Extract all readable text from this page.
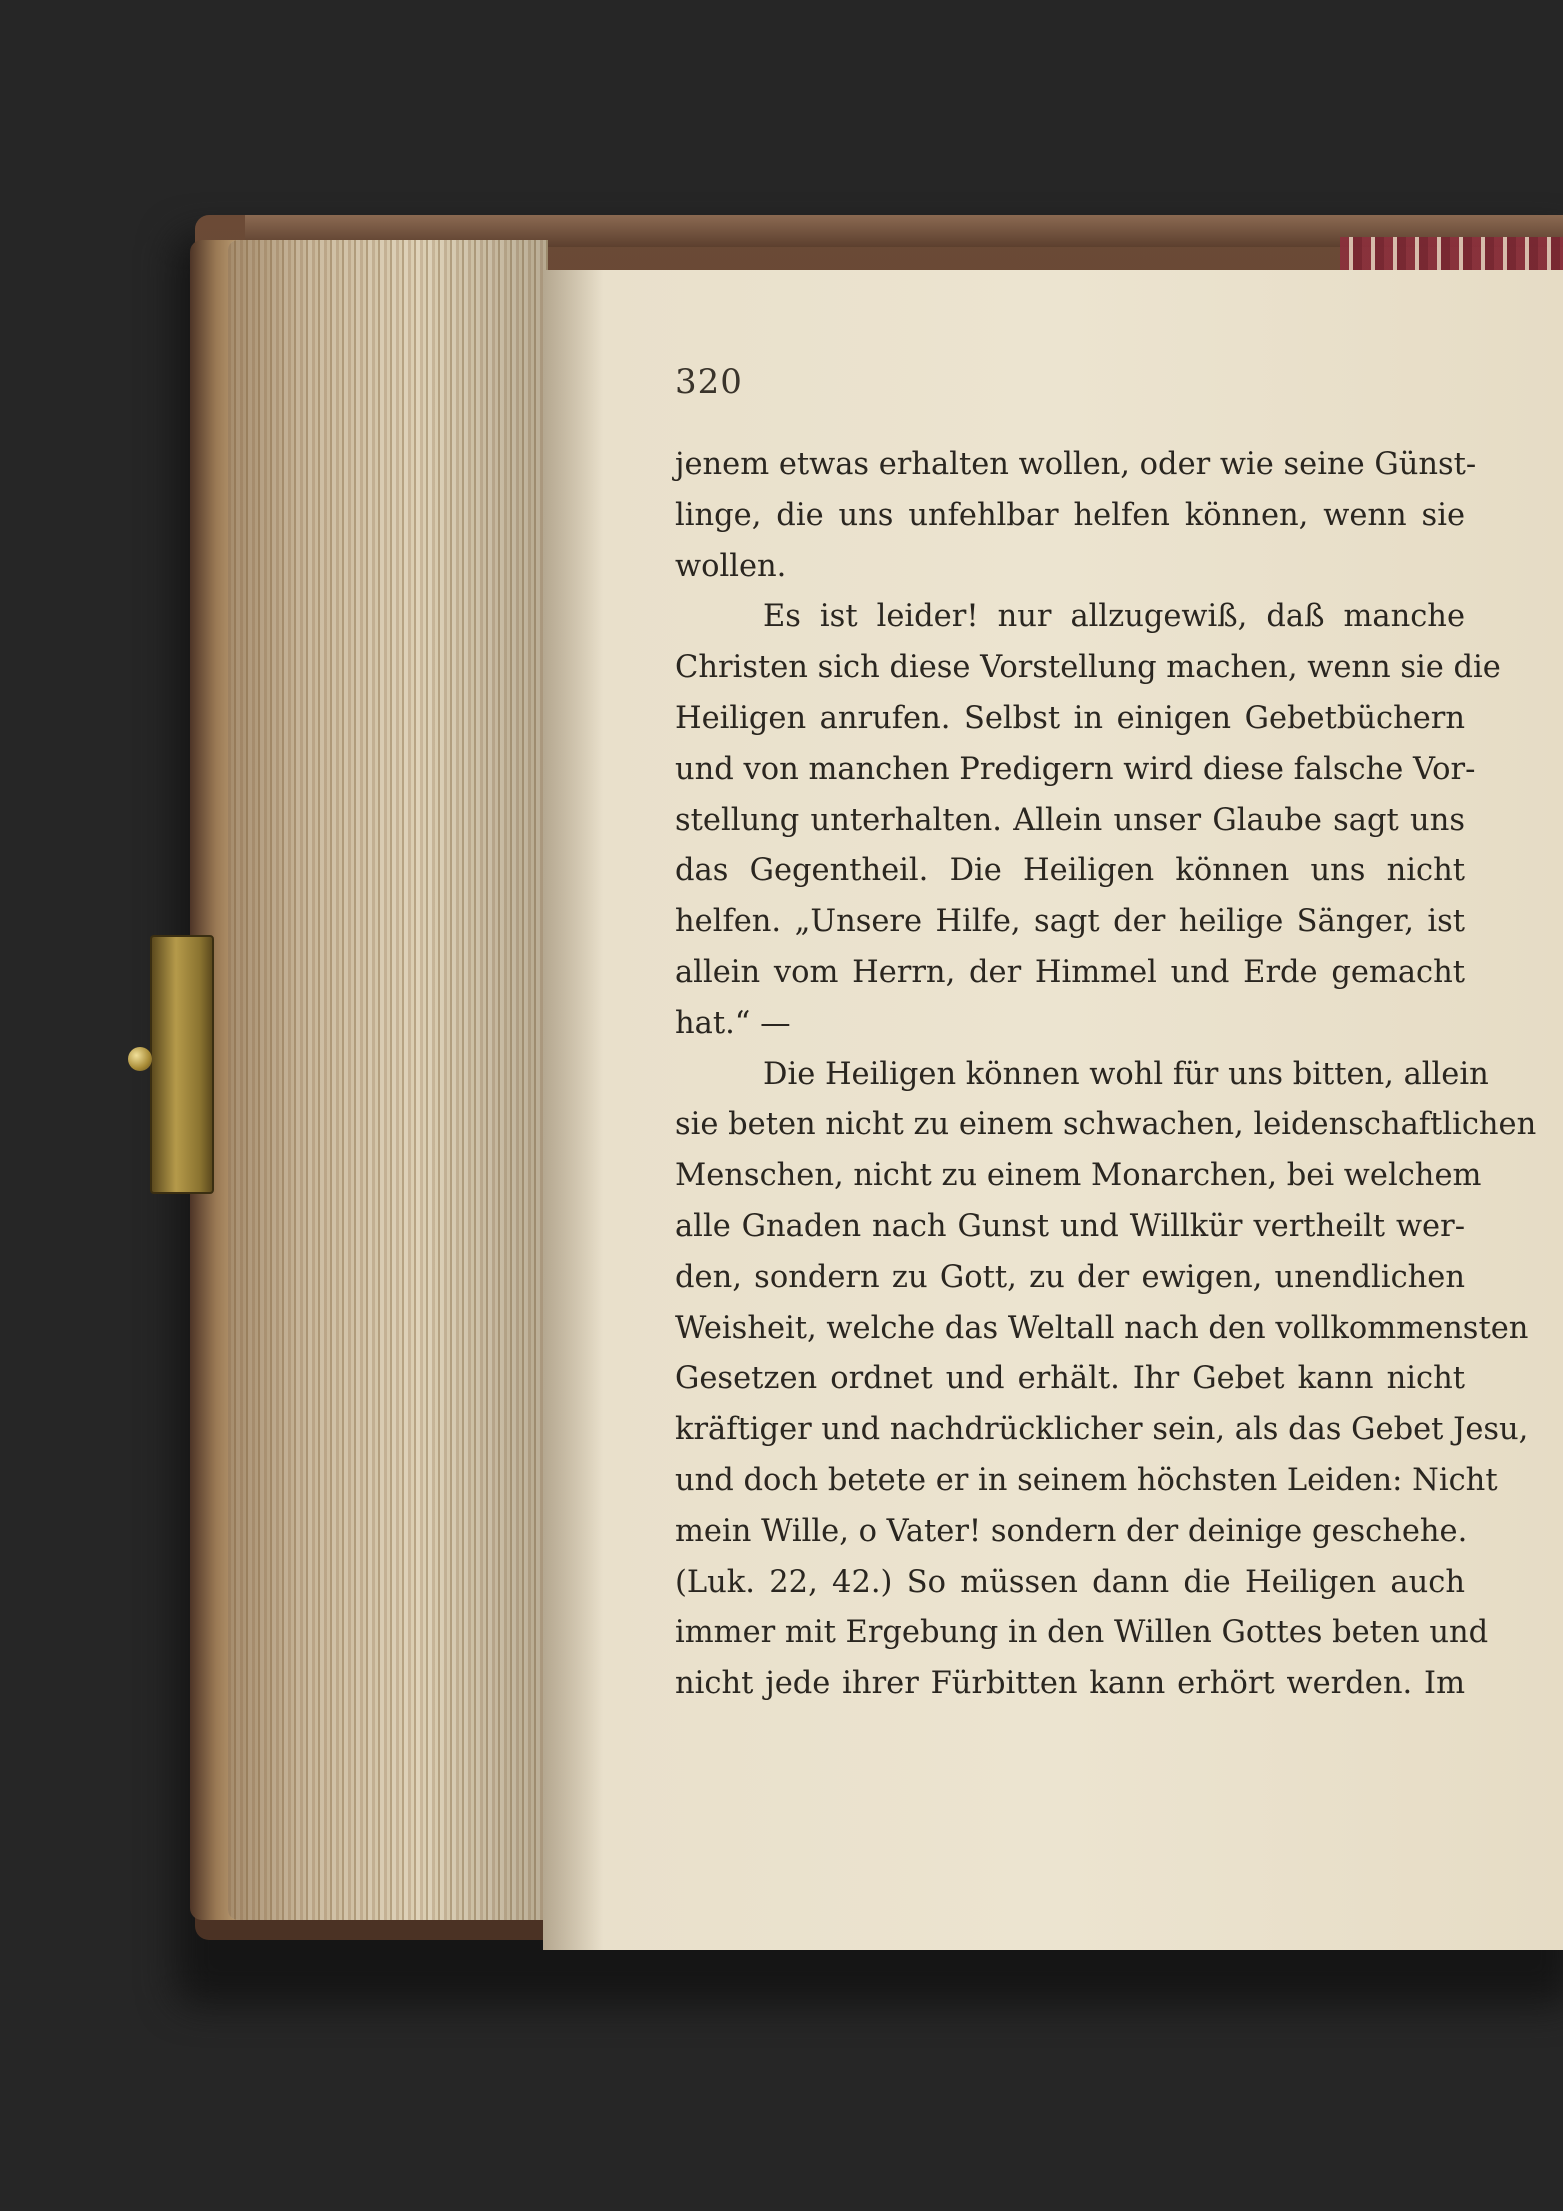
320
jenem etwas erhalten wollen, oder wie seine Günst-
linge, die uns unfehlbar helfen können, wenn sie
wollen.
Es ist leider! nur allzugewiß, daß manche
Christen sich diese Vorstellung machen, wenn sie die
Heiligen anrufen. Selbst in einigen Gebetbüchern
und von manchen Predigern wird diese falsche Vor-
stellung unterhalten. Allein unser Glaube sagt uns
das Gegentheil. Die Heiligen können uns nicht
helfen. „Unsere Hilfe, sagt der heilige Sänger, ist
allein vom Herrn, der Himmel und Erde gemacht
hat.“ —
Die Heiligen können wohl für uns bitten, allein
sie beten nicht zu einem schwachen, leidenschaftlichen
Menschen, nicht zu einem Monarchen, bei welchem
alle Gnaden nach Gunst und Willkür vertheilt wer-
den, sondern zu Gott, zu der ewigen, unendlichen
Weisheit, welche das Weltall nach den vollkommensten
Gesetzen ordnet und erhält. Ihr Gebet kann nicht
kräftiger und nachdrücklicher sein, als das Gebet Jesu,
und doch betete er in seinem höchsten Leiden: Nicht
mein Wille, o Vater! sondern der deinige geschehe.
(Luk. 22, 42.) So müssen dann die Heiligen auch
immer mit Ergebung in den Willen Gottes beten und
nicht jede ihrer Fürbitten kann erhört werden. Im
